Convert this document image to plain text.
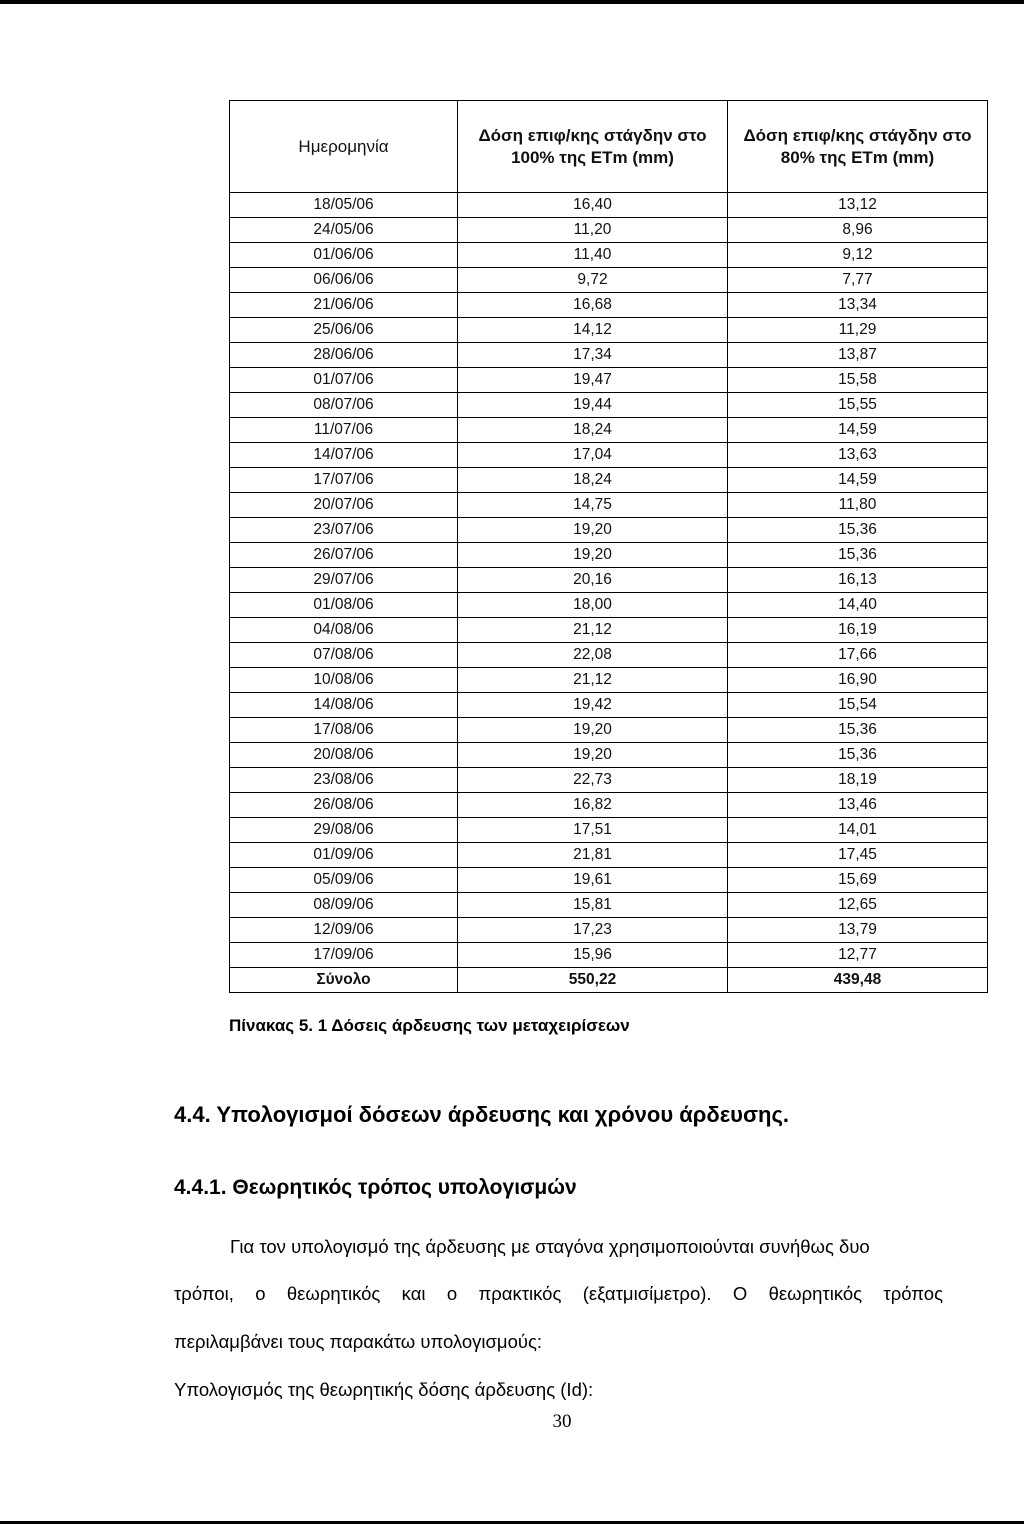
Ημερομηνία	Δόση επιφ/κης στάγδην στο 100% της ETm (mm)	Δόση επιφ/κης στάγδην στο 80% της ETm (mm)
18/05/06	16,40	13,12
24/05/06	11,20	8,96
01/06/06	11,40	9,12
06/06/06	9,72	7,77
21/06/06	16,68	13,34
25/06/06	14,12	11,29
28/06/06	17,34	13,87
01/07/06	19,47	15,58
08/07/06	19,44	15,55
11/07/06	18,24	14,59
14/07/06	17,04	13,63
17/07/06	18,24	14,59
20/07/06	14,75	11,80
23/07/06	19,20	15,36
26/07/06	19,20	15,36
29/07/06	20,16	16,13
01/08/06	18,00	14,40
04/08/06	21,12	16,19
07/08/06	22,08	17,66
10/08/06	21,12	16,90
14/08/06	19,42	15,54
17/08/06	19,20	15,36
20/08/06	19,20	15,36
23/08/06	22,73	18,19
26/08/06	16,82	13,46
29/08/06	17,51	14,01
01/09/06	21,81	17,45
05/09/06	19,61	15,69
08/09/06	15,81	12,65
12/09/06	17,23	13,79
17/09/06	15,96	12,77
Σύνολο	550,22	439,48
Πίνακας 5. 1 Δόσεις άρδευσης των μεταχειρίσεων
4.4. Υπολογισμοί δόσεων άρδευσης και χρόνου άρδευσης.
4.4.1. Θεωρητικός τρόπος υπολογισμών
Για τον υπολογισμό της άρδευσης με σταγόνα χρησιμοποιούνται συνήθως δυο
τρόποι, ο θεωρητικός και ο πρακτικός (εξατμισίμετρο). Ο θεωρητικός τρόπος
περιλαμβάνει τους παρακάτω υπολογισμούς:
Υπολογισμός της θεωρητικής δόσης άρδευσης (Id):
30
